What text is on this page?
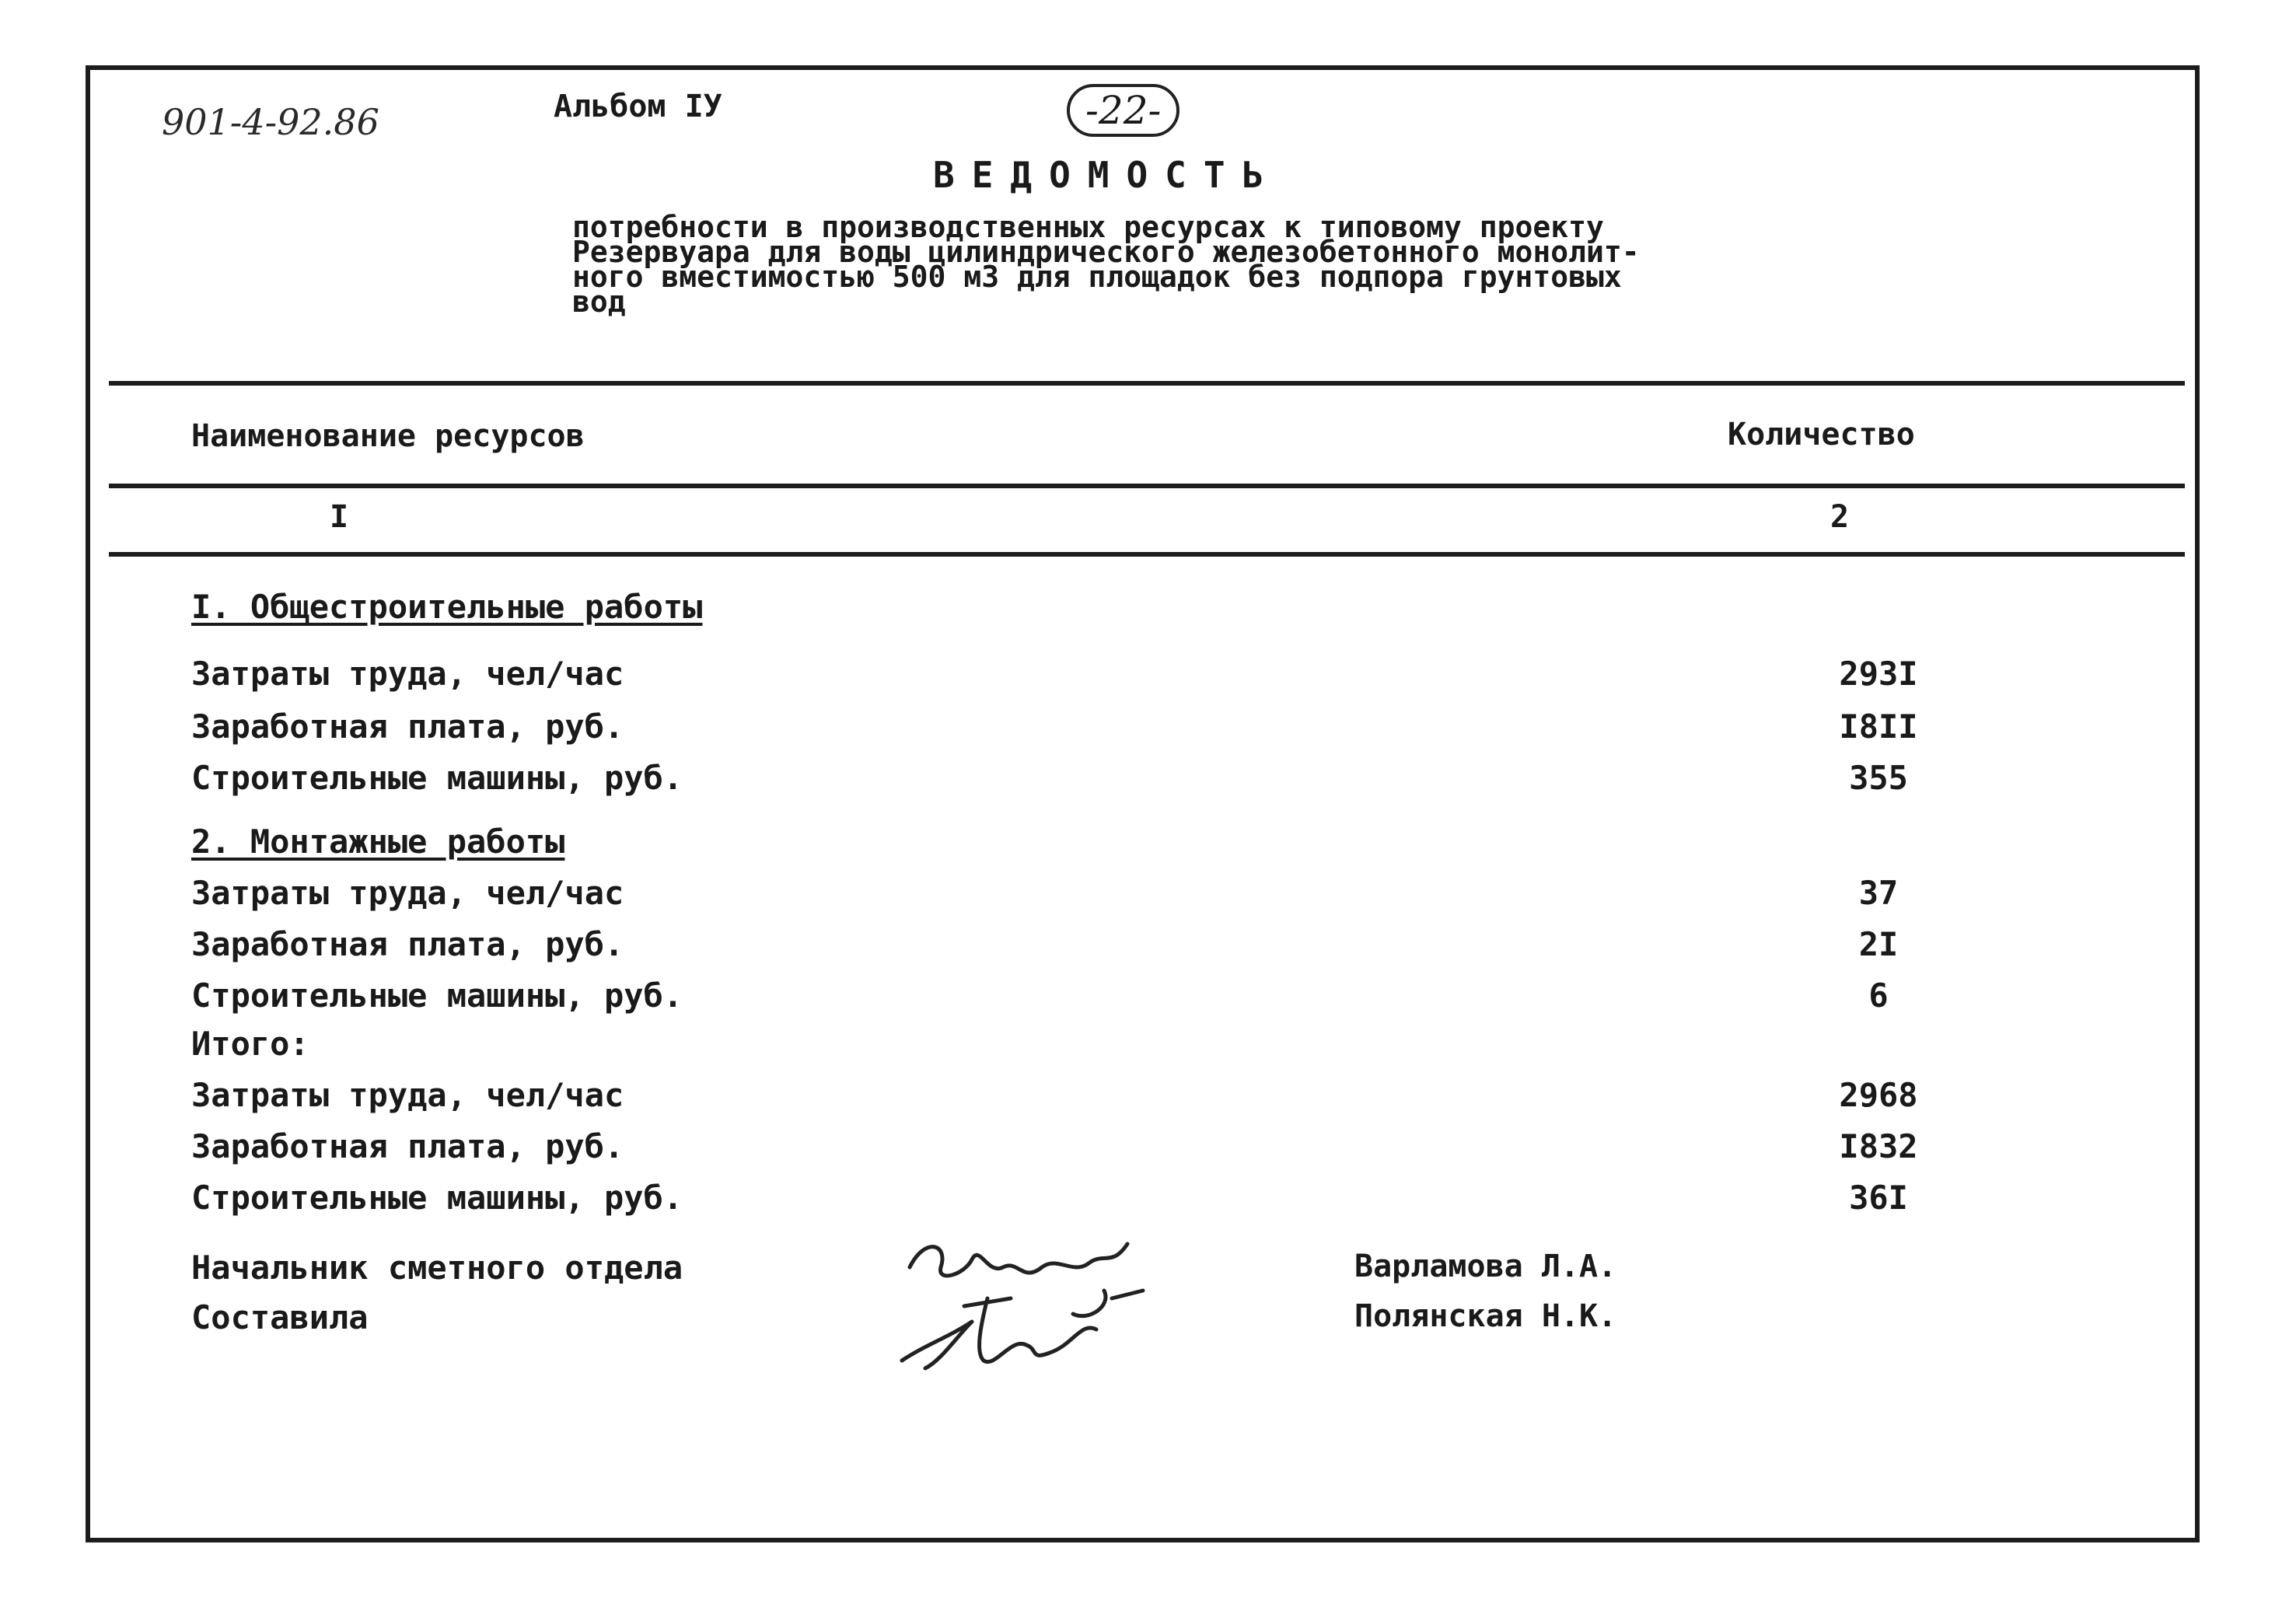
901-4-92.86	Альбом IУ	-22-
ВЕДОМОСТЬ
потребности в производственных ресурсах к типовому проекту
Резервуара для воды цилиндрического железобетонного монолит-
ного вместимостью 500 м3 для площадок без подпора грунтовых
вод
Наименование ресурсов	Количество
I	2
I. Общестроительные работы
Затраты труда, чел/час	293I
Заработная плата, руб.	I8II
Строительные машины, руб.	355
2. Монтажные работы
Затраты труда, чел/час	37
Заработная плата, руб.	2I
Строительные машины, руб.	6
Итого:
Затраты труда, чел/час	2968
Заработная плата, руб.	I832
Строительные машины, руб.	36I
Начальник сметного отдела
Составила
Варламова Л.А.
Полянская Н.К.
